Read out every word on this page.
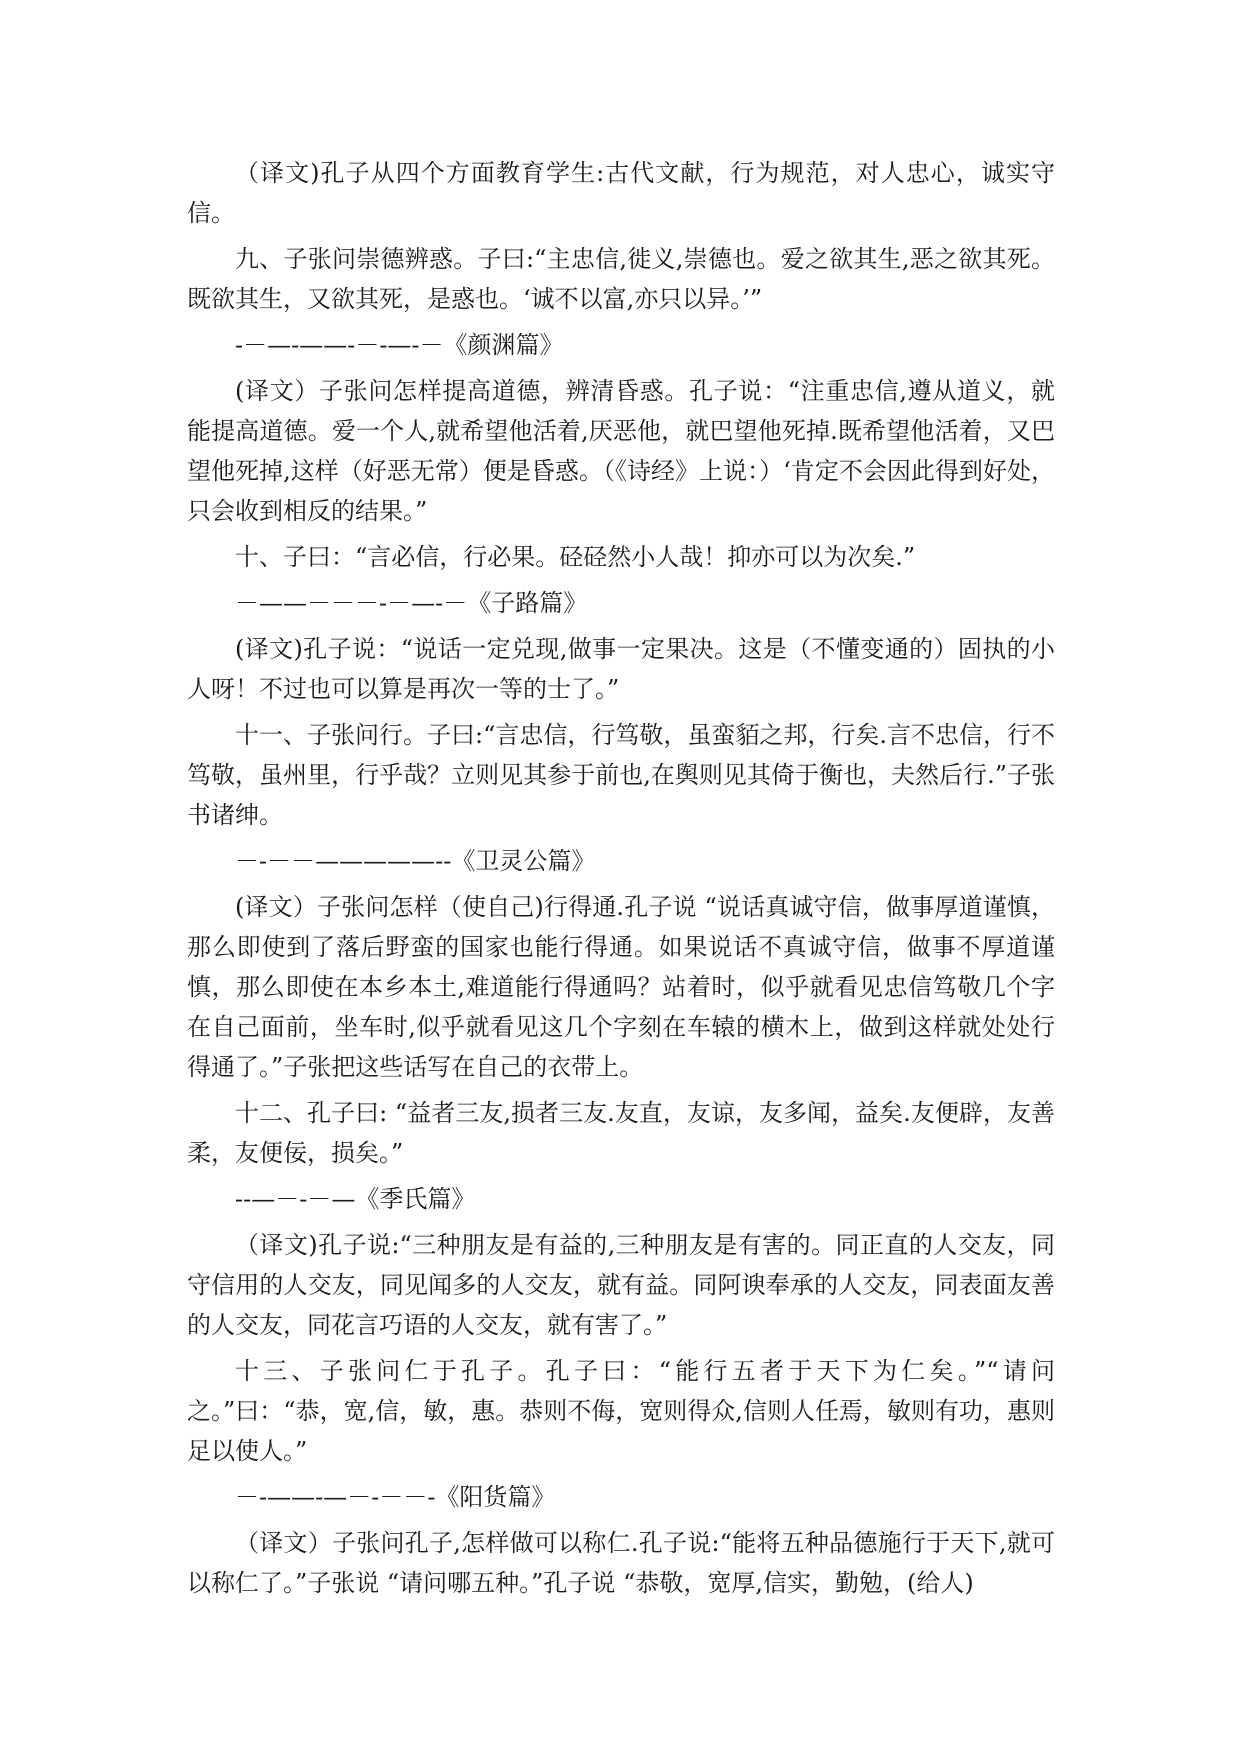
（译文)孔子从四个方面教育学生:古代文献，行为规范，对人忠心，诚实守信。

九、子张问崇德辨惑。子曰:“主忠信,徙义,崇德也。爱之欲其生,恶之欲其死。既欲其生，又欲其死，是惑也。‘诚不以富,亦只以异。’”

-－—-——-－-—-－《颜渊篇》

(译文）子张问怎样提高道德，辨清昏惑。孔子说：“注重忠信,遵从道义，就能提高道德。爱一个人,就希望他活着,厌恶他，就巴望他死掉.既希望他活着，又巴望他死掉,这样（好恶无常）便是昏惑。（《诗经》上说：）‘肯定不会因此得到好处，只会收到相反的结果。”

十、子曰：“言必信，行必果。硁硁然小人哉！抑亦可以为次矣.”

－——－－－-－—-－《子路篇》

(译文)孔子说：“说话一定兑现,做事一定果决。这是（不懂变通的）固执的小人呀！不过也可以算是再次一等的士了。”

十一、子张问行。子曰:“言忠信，行笃敬，虽蛮貊之邦，行矣.言不忠信，行不笃敬，虽州里，行乎哉？立则见其参于前也,在舆则见其倚于衡也，夫然后行.”子张书诸绅。

－-－－—————--《卫灵公篇》

(译文）子张问怎样（使自己)行得通.孔子说 “说话真诚守信，做事厚道谨慎，那么即使到了落后野蛮的国家也能行得通。如果说话不真诚守信，做事不厚道谨慎，那么即使在本乡本土,难道能行得通吗？站着时，似乎就看见忠信笃敬几个字在自己面前，坐车时,似乎就看见这几个字刻在车辕的横木上，做到这样就处处行得通了。”子张把这些话写在自己的衣带上。

十二、孔子曰: “益者三友,损者三友.友直，友谅，友多闻，益矣.友便辟，友善柔，友便佞，损矣。”

--—－-－—《季氏篇》

（译文)孔子说:“三种朋友是有益的,三种朋友是有害的。同正直的人交友，同守信用的人交友，同见闻多的人交友，就有益。同阿谀奉承的人交友，同表面友善的人交友，同花言巧语的人交友，就有害了。”

十三、子张问仁于孔子。孔子曰：“能行五者于天下为仁矣。”“请问之。”曰：“恭，宽,信，敏，惠。恭则不侮，宽则得众,信则人任焉，敏则有功，惠则足以使人。”

－-——-—－-－－-《阳货篇》

（译文）子张问孔子,怎样做可以称仁.孔子说:“能将五种品德施行于天下,就可以称仁了。”子张说 “请问哪五种。”孔子说 “恭敬，宽厚,信实，勤勉，(给人)
